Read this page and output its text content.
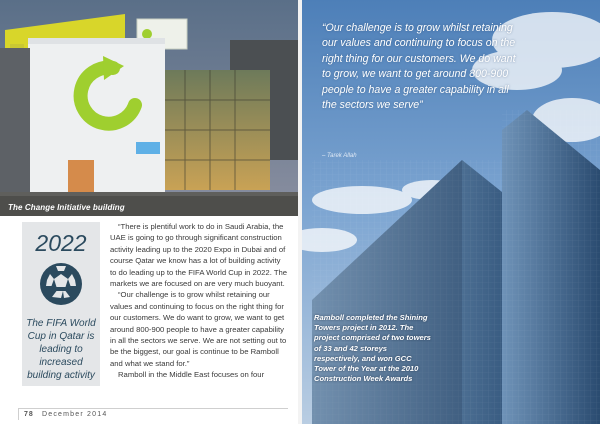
The Change Initiative building
2022
The FIFA World Cup in Qatar is leading to increased building activity

“There is plentiful work to do in Saudi Arabia, the UAE is going to go through significant construction activity leading up to the 2020 Expo in Dubai and of course Qatar we know has a lot of building activity to do leading up to the FIFA World Cup in 2022. The markets we are focused on are very much buoyant.

“Our challenge is to grow whilst retaining our values and continuing to focus on the right thing for our customers. We do want to grow, we want to get around 800-900 people to have a greater capability in all the sectors we serve. We are not setting out to be the biggest, our goal is continue to be Ramboll and what we stand for.”

Ramboll in the Middle East focuses on four

78 December 2014
“Our challenge is to grow whilst retaining our values and continuing to focus on the right thing for our customers. We do want to grow, we want to get around 800-900 people to have a greater capability in all the sectors we serve”
– Tarek Allah
Ramboll completed the Shining Towers project in 2012. The project comprised of two towers of 33 and 42 storeys respectively, and won GCC Tower of the Year at the 2010 Construction Week Awards
